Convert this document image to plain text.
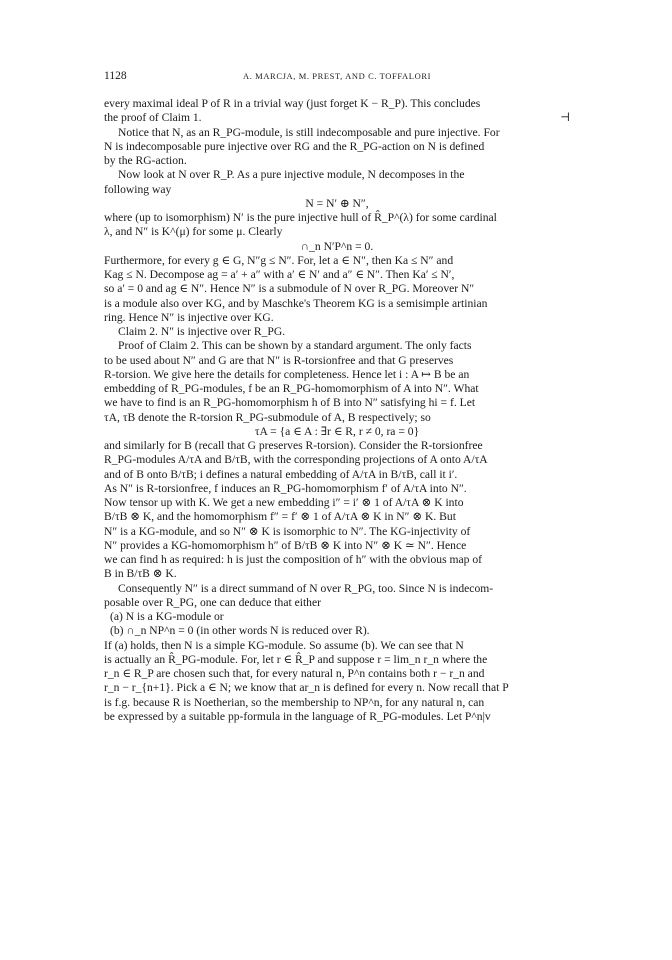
1128	A. MARCJA, M. PREST, AND C. TOFFALORI

every maximal ideal P of R in a trivial way (just forget K − R_P). This concludes

the proof of Claim 1.	⊣

Notice that N, as an R_PG-module, is still indecomposable and pure injective. For

N is indecomposable pure injective over RG and the R_PG-action on N is defined

by the RG-action.

Now look at N over R_P. As a pure injective module, N decomposes in the

following way

N = N′ ⊕ N″,

where (up to isomorphism) N′ is the pure injective hull of R̂_P^(λ) for some cardinal

λ, and N″ is K^(μ) for some μ. Clearly

∩_n N′P^n = 0.

Furthermore, for every g ∈ G, N″g ≤ N″. For, let a ∈ N″, then Ka ≤ N″ and

Kag ≤ N. Decompose ag = a′ + a″ with a′ ∈ N′ and a″ ∈ N″. Then Ka′ ≤ N′,

so a′ = 0 and ag ∈ N″. Hence N″ is a submodule of N over R_PG. Moreover N″

is a module also over KG, and by Maschke's Theorem KG is a semisimple artinian

ring. Hence N″ is injective over KG.

Claim 2. N″ is injective over R_PG.

Proof of Claim 2. This can be shown by a standard argument. The only facts

to be used about N″ and G are that N″ is R-torsionfree and that G preserves

R-torsion. We give here the details for completeness. Hence let i : A ↦ B be an

embedding of R_PG-modules, f be an R_PG-homomorphism of A into N″. What

we have to find is an R_PG-homomorphism h of B into N″ satisfying hi = f. Let

τA, τB denote the R-torsion R_PG-submodule of A, B respectively; so

τA = {a ∈ A : ∃r ∈ R, r ≠ 0, ra = 0}

and similarly for B (recall that G preserves R-torsion). Consider the R-torsionfree

R_PG-modules A/τA and B/τB, with the corresponding projections of A onto A/τA

and of B onto B/τB; i defines a natural embedding of A/τA in B/τB, call it i′.

As N″ is R-torsionfree, f induces an R_PG-homomorphism f′ of A/τA into N″.

Now tensor up with K. We get a new embedding i″ = i′ ⊗ 1 of A/τA ⊗ K into

B/τB ⊗ K, and the homomorphism f″ = f′ ⊗ 1 of A/τA ⊗ K in N″ ⊗ K. But

N″ is a KG-module, and so N″ ⊗ K is isomorphic to N″. The KG-injectivity of

N″ provides a KG-homomorphism h″ of B/τB ⊗ K into N″ ⊗ K ≃ N″. Hence

we can find h as required: h is just the composition of h″ with the obvious map of

B in B/τB ⊗ K.

Consequently N″ is a direct summand of N over R_PG, too. Since N is indecom-

posable over R_PG, one can deduce that either

(a) N is a KG-module or

(b) ∩_n NP^n = 0 (in other words N is reduced over R).

If (a) holds, then N is a simple KG-module. So assume (b). We can see that N

is actually an R̂_PG-module. For, let r ∈ R̂_P and suppose r = lim_n r_n where the

r_n ∈ R_P are chosen such that, for every natural n, P^n contains both r − r_n and

r_n − r_{n+1}. Pick a ∈ N; we know that ar_n is defined for every n. Now recall that P

is f.g. because R is Noetherian, so the membership to NP^n, for any natural n, can

be expressed by a suitable pp-formula in the language of R_PG-modules. Let P^n|v
